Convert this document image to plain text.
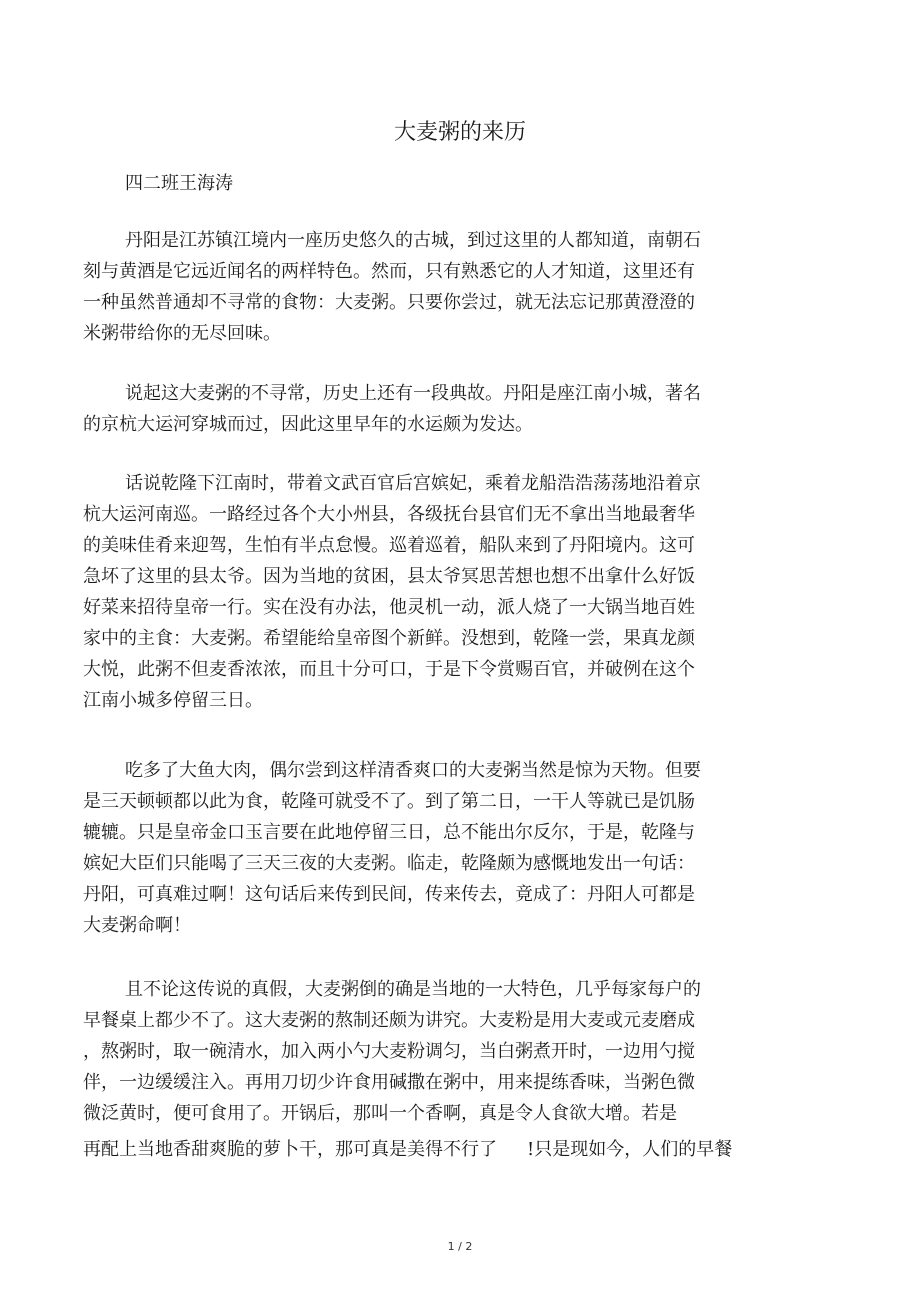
大麦粥的来历
四二班王海涛
丹阳是江苏镇江境内一座历史悠久的古城，到过这里的人都知道，南朝石
刻与黄酒是它远近闻名的两样特色。然而，只有熟悉它的人才知道，这里还有
一种虽然普通却不寻常的食物：大麦粥。只要你尝过，就无法忘记那黄澄澄的
米粥带给你的无尽回味。
说起这大麦粥的不寻常，历史上还有一段典故。丹阳是座江南小城，著名
的京杭大运河穿城而过，因此这里早年的水运颇为发达。
话说乾隆下江南时，带着文武百官后宫嫔妃，乘着龙船浩浩荡荡地沿着京
杭大运河南巡。一路经过各个大小州县，各级抚台县官们无不拿出当地最奢华
的美味佳肴来迎驾，生怕有半点怠慢。巡着巡着，船队来到了丹阳境内。这可
急坏了这里的县太爷。因为当地的贫困，县太爷冥思苦想也想不出拿什么好饭
好菜来招待皇帝一行。实在没有办法，他灵机一动，派人烧了一大锅当地百姓
家中的主食：大麦粥。希望能给皇帝图个新鲜。没想到，乾隆一尝，果真龙颜
大悦，此粥不但麦香浓浓，而且十分可口，于是下令赏赐百官，并破例在这个
江南小城多停留三日。
吃多了大鱼大肉，偶尔尝到这样清香爽口的大麦粥当然是惊为天物。但要
是三天顿顿都以此为食，乾隆可就受不了。到了第二日，一干人等就已是饥肠
辘辘。只是皇帝金口玉言要在此地停留三日，总不能出尔反尔，于是，乾隆与
嫔妃大臣们只能喝了三天三夜的大麦粥。临走，乾隆颇为感慨地发出一句话：
丹阳，可真难过啊！这句话后来传到民间，传来传去，竟成了：丹阳人可都是
大麦粥命啊！
且不论这传说的真假，大麦粥倒的确是当地的一大特色，几乎每家每户的
早餐桌上都少不了。这大麦粥的熬制还颇为讲究。大麦粉是用大麦或元麦磨成
，熬粥时，取一碗清水，加入两小勺大麦粉调匀，当白粥煮开时，一边用勺搅
伴，一边缓缓注入。再用刀切少许食用碱撒在粥中，用来提练香味，当粥色微
微泛黄时，便可食用了。开锅后，那叫一个香啊，真是令人食欲大增。若是
再配上当地香甜爽脆的萝卜干，那可真是美得不行了 !只是现如今，人们的早餐
1 / 2
